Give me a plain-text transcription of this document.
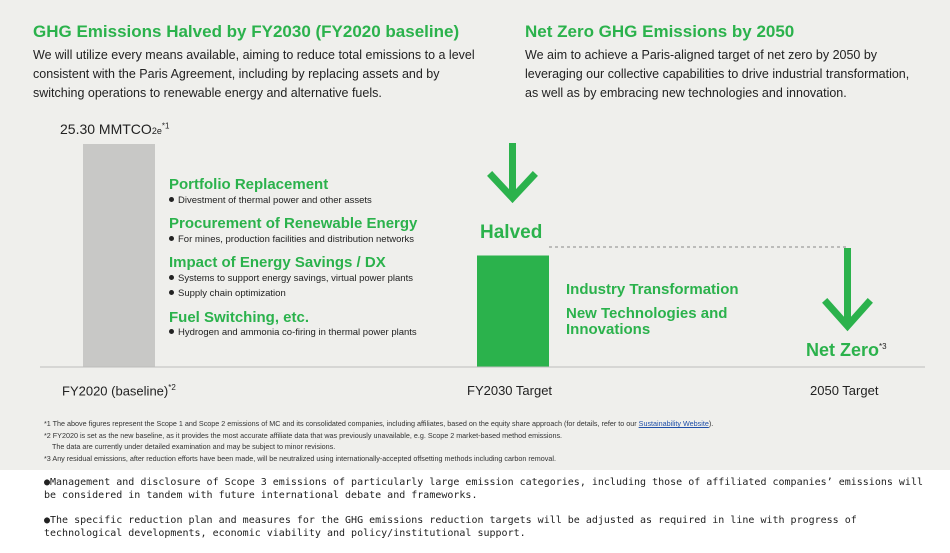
GHG Emissions Halved by FY2030 (FY2020 baseline)
We will utilize every means available, aiming to reduce total emissions to a level consistent with the Paris Agreement, including by replacing assets and by switching operations to renewable energy and alternative fuels.
Net Zero GHG Emissions by 2050
We aim to achieve a Paris-aligned target of net zero by 2050 by leveraging our collective capabilities to drive industrial transformation, as well as by embracing new technologies and innovation.
25.30 $MMTCO2e^{*1}$
Portfolio Replacement
Divestment of thermal power and other assets
Procurement of Renewable Energy
For mines, production facilities and distribution networks
Impact of Energy Savings / DX
Systems to support energy savings, virtual power plants
Supply chain optimization
Fuel Switching, etc.
Hydrogen and ammonia co-firing in thermal power plants
Halved
Industry Transformation
New Technologies and Innovations
Net Zero$^{*3}$
FY2020 (baseline)$^{*2}$	FY2030 Target	2050 Target
*1 The above figures represent the Scope 1 and Scope 2 emissions of MC and its consolidated companies, including affiliates, based on the equity share approach (for details, refer to our Sustainability Website).
*2 FY2020 is set as the new baseline, as it provides the most accurate affiliate data that was previously unavailable, e.g. Scope 2 market-based method emissions.
The data are currently under detailed examination and may be subject to minor revisions.
*3 Any residual emissions, after reduction efforts have been made, will be neutralized using internationally-accepted offsetting methods including carbon removal.
●Management and disclosure of Scope 3 emissions of particularly large emission categories, including those of affiliated companies’ emissions will be considered in tandem with future international debate and frameworks.
●The specific reduction plan and measures for the GHG emissions reduction targets will be adjusted as required in line with progress of technological developments, economic viability and policy/institutional support.
